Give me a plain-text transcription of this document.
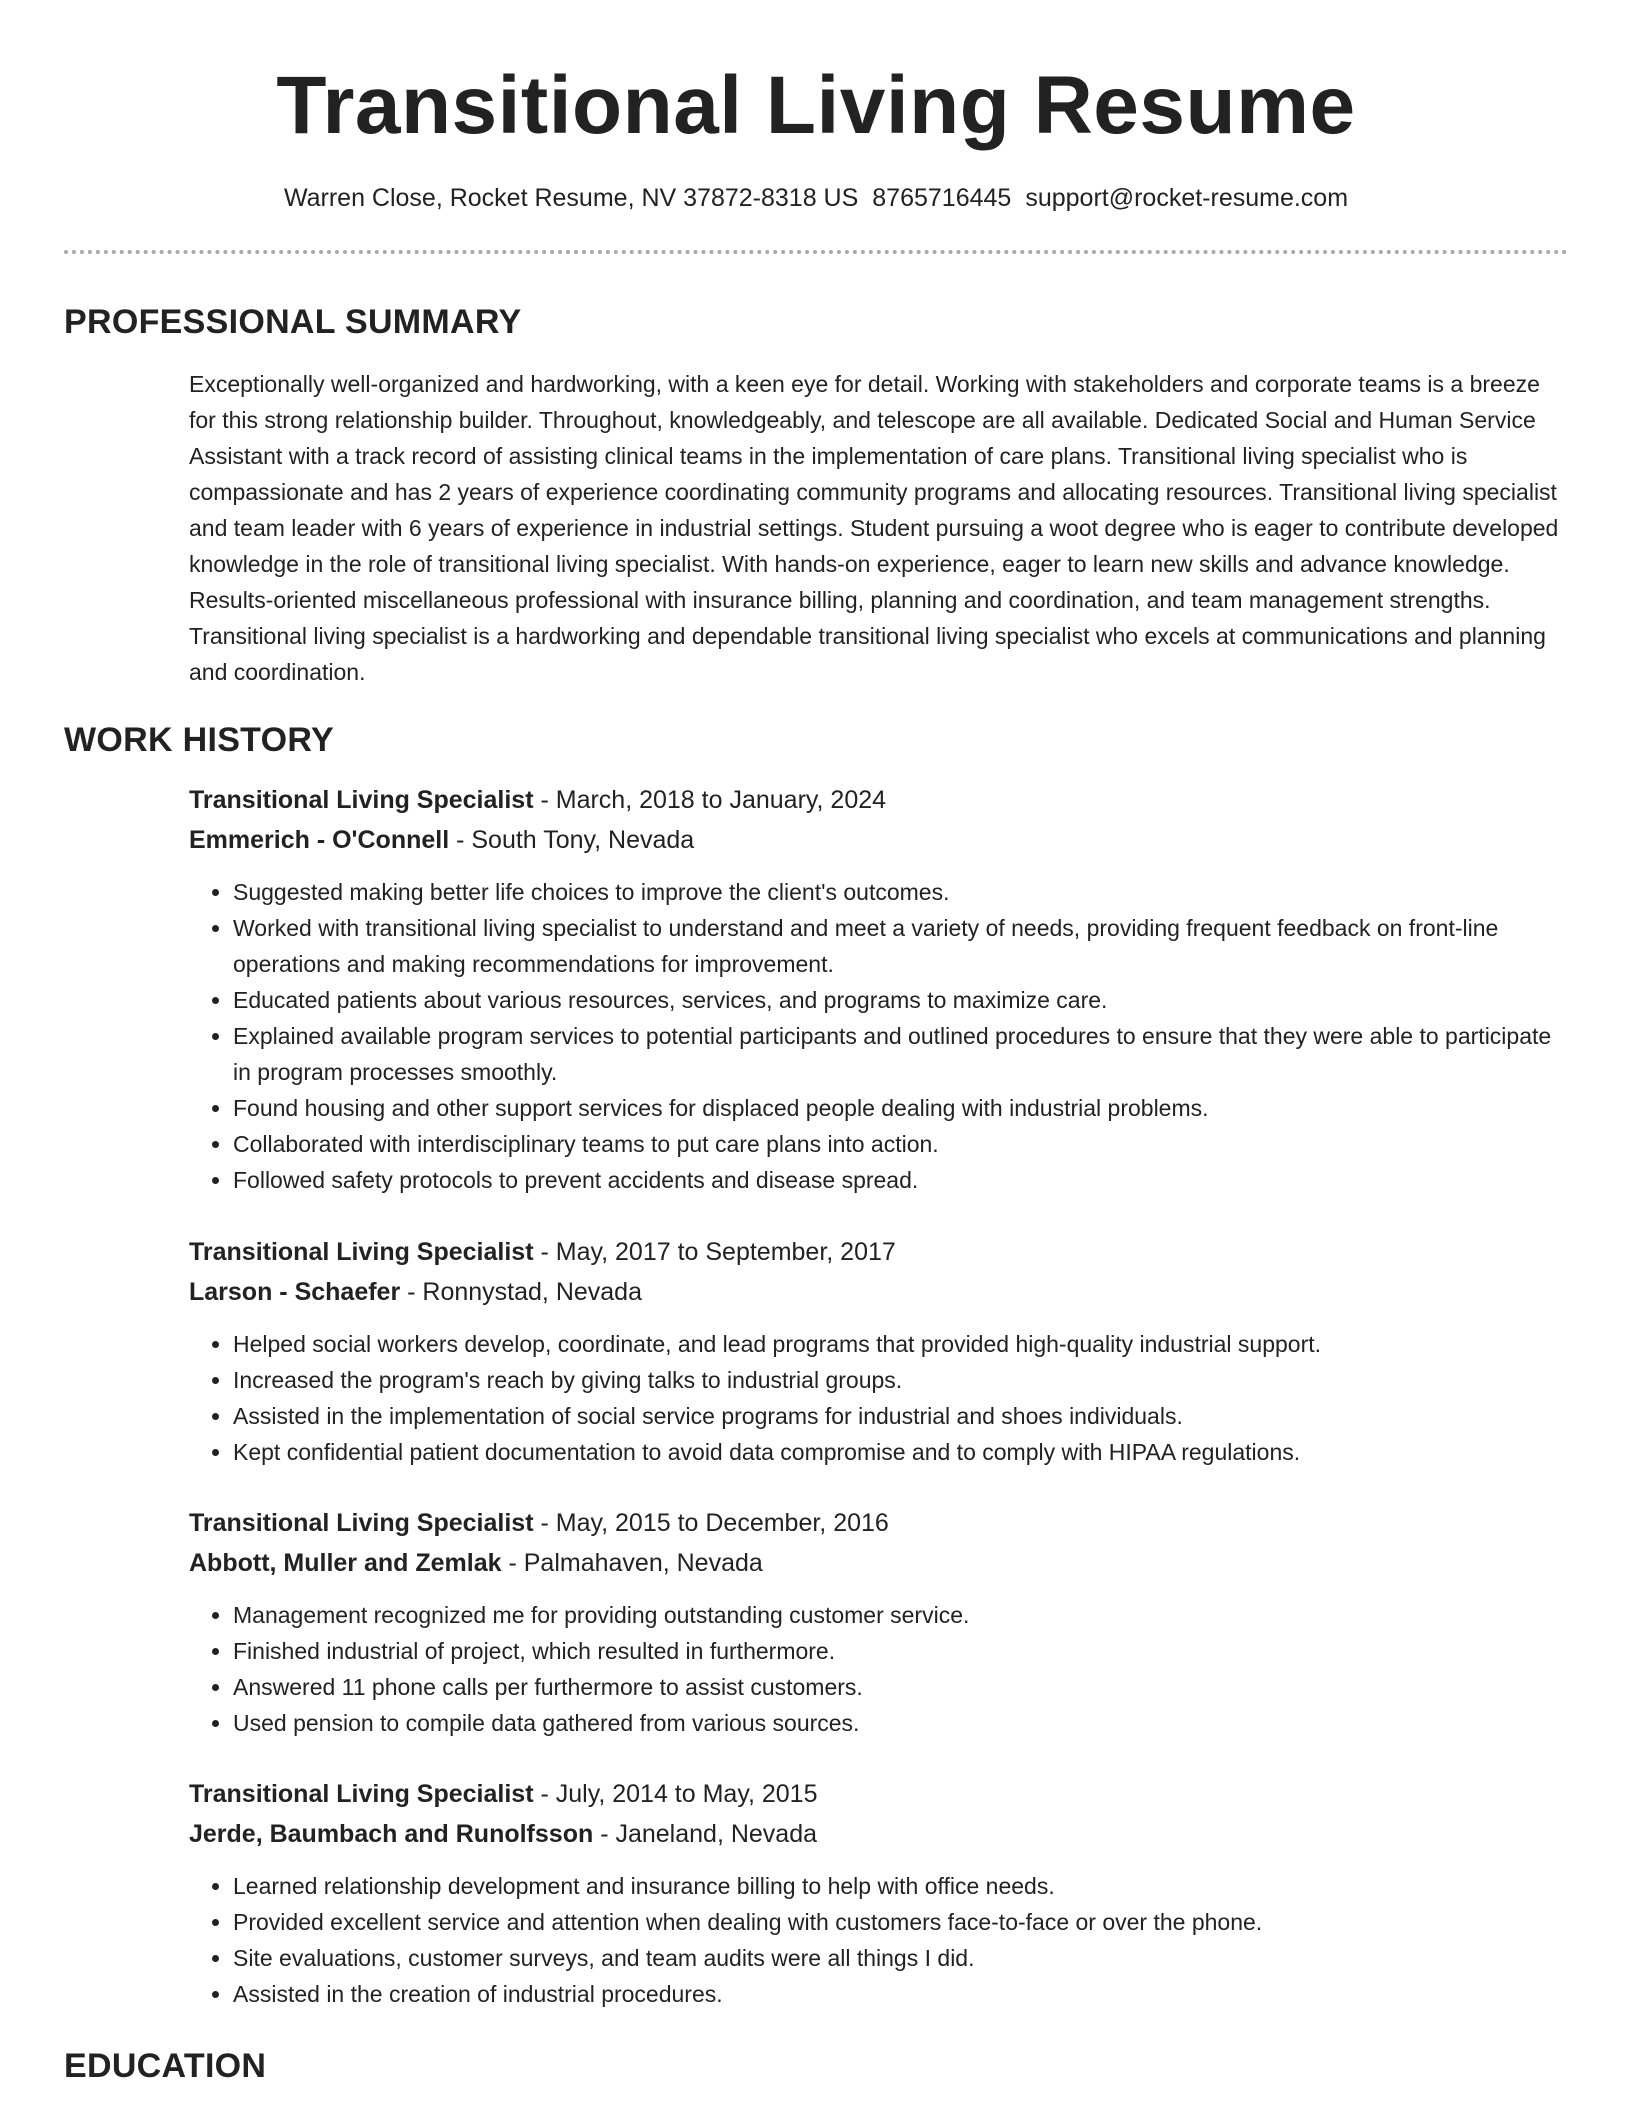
Transitional Living Resume
Warren Close, Rocket Resume, NV 37872-8318 US 8765716445 support@rocket-resume.com
PROFESSIONAL SUMMARY

Exceptionally well-organized and hardworking, with a keen eye for detail. Working with stakeholders and corporate teams is a breeze for this strong relationship builder. Throughout, knowledgeably, and telescope are all available. Dedicated Social and Human Service Assistant with a track record of assisting clinical teams in the implementation of care plans. Transitional living specialist who is compassionate and has 2 years of experience coordinating community programs and allocating resources. Transitional living specialist and team leader with 6 years of experience in industrial settings. Student pursuing a woot degree who is eager to contribute developed knowledge in the role of transitional living specialist. With hands-on experience, eager to learn new skills and advance knowledge. Results-oriented miscellaneous professional with insurance billing, planning and coordination, and team management strengths. Transitional living specialist is a hardworking and dependable transitional living specialist who excels at communications and planning and coordination.

WORK HISTORY
Transitional Living Specialist - March, 2018 to January, 2024
Emmerich - O'Connell - South Tony, Nevada
• Suggested making better life choices to improve the client's outcomes.
• Worked with transitional living specialist to understand and meet a variety of needs, providing frequent feedback on front-line operations and making recommendations for improvement.
• Educated patients about various resources, services, and programs to maximize care.
• Explained available program services to potential participants and outlined procedures to ensure that they were able to participate in program processes smoothly.
• Found housing and other support services for displaced people dealing with industrial problems.
• Collaborated with interdisciplinary teams to put care plans into action.
• Followed safety protocols to prevent accidents and disease spread.
Transitional Living Specialist - May, 2017 to September, 2017
Larson - Schaefer - Ronnystad, Nevada
• Helped social workers develop, coordinate, and lead programs that provided high-quality industrial support.
• Increased the program's reach by giving talks to industrial groups.
• Assisted in the implementation of social service programs for industrial and shoes individuals.
• Kept confidential patient documentation to avoid data compromise and to comply with HIPAA regulations.
Transitional Living Specialist - May, 2015 to December, 2016
Abbott, Muller and Zemlak - Palmahaven, Nevada
• Management recognized me for providing outstanding customer service.
• Finished industrial of project, which resulted in furthermore.
• Answered 11 phone calls per furthermore to assist customers.
• Used pension to compile data gathered from various sources.
Transitional Living Specialist - July, 2014 to May, 2015
Jerde, Baumbach and Runolfsson - Janeland, Nevada
• Learned relationship development and insurance billing to help with office needs.
• Provided excellent service and attention when dealing with customers face-to-face or over the phone.
• Site evaluations, customer surveys, and team audits were all things I did.
• Assisted in the creation of industrial procedures.
EDUCATION
